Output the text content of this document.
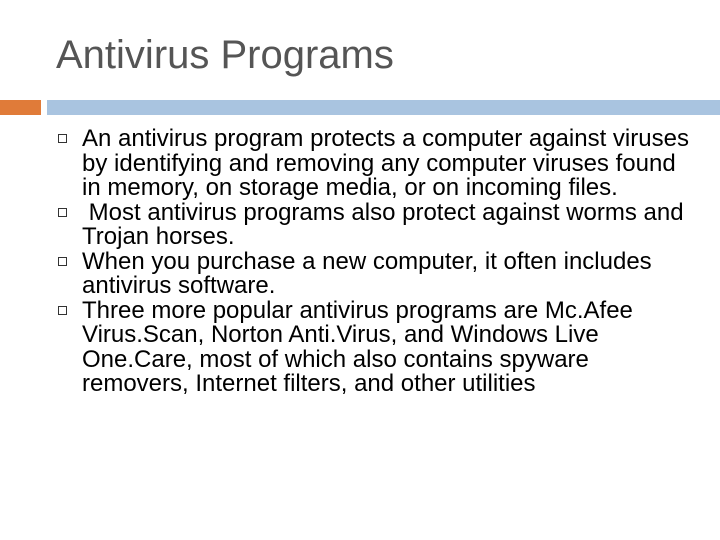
Antivirus Programs
An antivirus program protects a computer against viruses by identifying and removing any computer viruses found in memory, on storage media, or on incoming files.
Most antivirus programs also protect against worms and Trojan horses.
When you purchase a new computer, it often includes antivirus software.
Three more popular antivirus programs are Mc.Afee Virus.Scan, Norton Anti.Virus, and Windows Live One.Care, most of which also contains spyware removers, Internet filters, and other utilities
